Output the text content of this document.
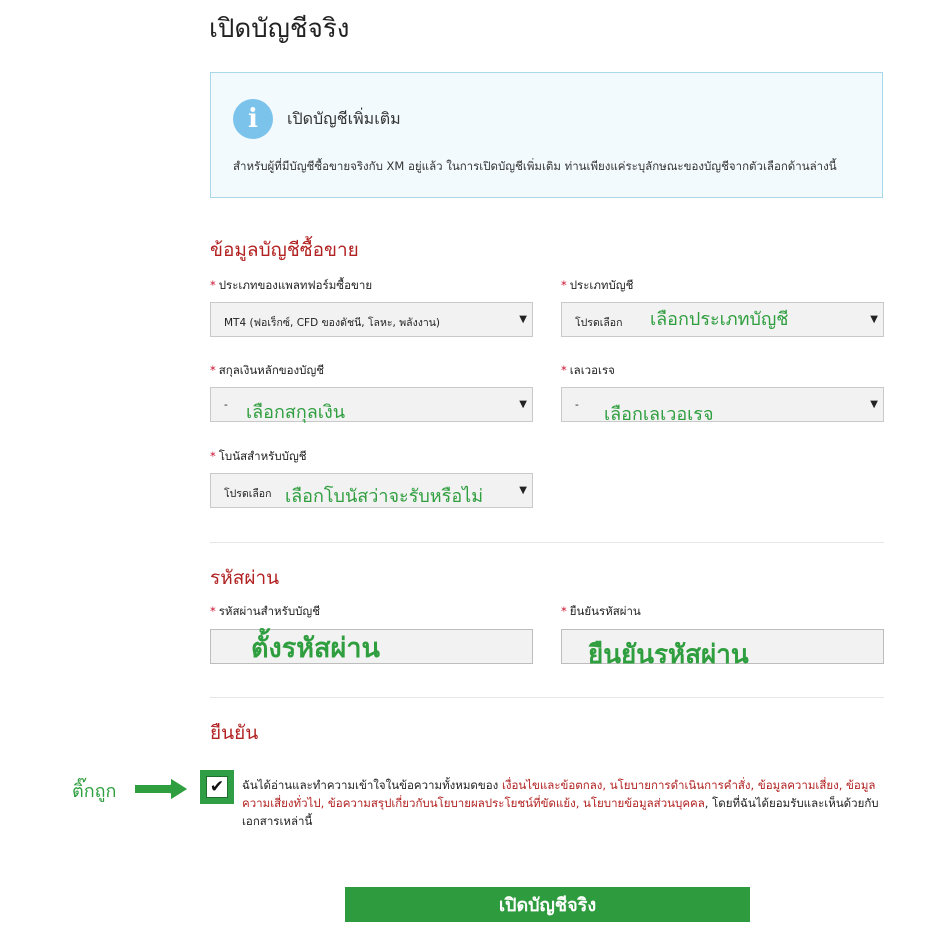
เปิดบัญชีจริง
i	เปิดบัญชีเพิ่มเติม
สำหรับผู้ที่มีบัญชีซื้อขายจริงกับ XM อยู่แล้ว ในการเปิดบัญชีเพิ่มเติม ท่านเพียงแค่ระบุลักษณะของบัญชีจากตัวเลือกด้านล่างนี้
ข้อมูลบัญชีซื้อขาย
* ประเภทของแพลทฟอร์มซื้อขาย
MT4 (ฟอเร็กซ์, CFD ของดัชนี, โลหะ, พลังงาน)	▼
* ประเภทบัญชี
โปรดเลือก เลือกประเภทบัญชี	▼
* สกุลเงินหลักของบัญชี
- เลือกสกุลเงิน	▼
* เลเวอเรจ
- เลือกเลเวอเรจ	▼
* โบนัสสำหรับบัญชี
โปรดเลือก เลือกโบนัสว่าจะรับหรือไม่	▼
รหัสผ่าน
* รหัสผ่านสำหรับบัญชี
ตั้งรหัสผ่าน
* ยืนยันรหัสผ่าน
ยืนยันรหัสผ่าน
ยืนยัน
ติ๊กถูก	✔	ฉันได้อ่านและทำความเข้าใจในข้อความทั้งหมดของ เงื่อนไขและข้อตกลง, นโยบายการดำเนินการคำสั่ง, ข้อมูลความเสี่ยง, ข้อมูลความเสี่ยงทั่วไป, ข้อความสรุปเกี่ยวกับนโยบายผลประโยชน์ที่ขัดแย้ง, นโยบายข้อมูลส่วนบุคคล, โดยที่ฉันได้ยอมรับและเห็นด้วยกับเอกสารเหล่านี้
เปิดบัญชีจริง
